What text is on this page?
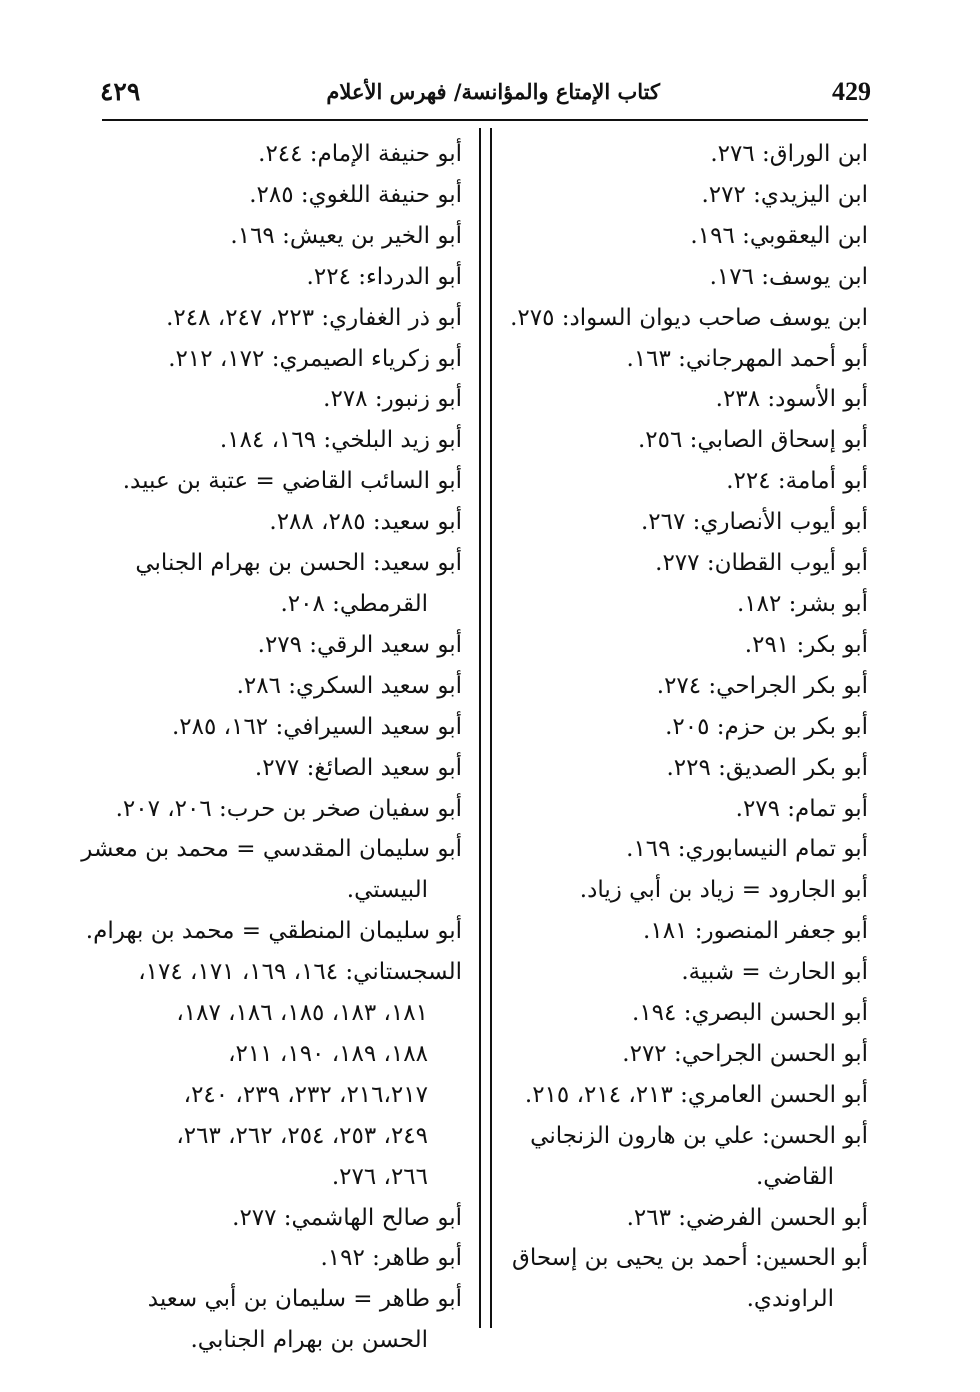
429
كتاب الإمتاع والمؤانسة/ فهرس الأعلام
٤٢٩
ابن الوراق: ٢٧٦.
ابن اليزيدي: ٢٧٢.
ابن اليعقوبي: ١٩٦.
ابن يوسف: ١٧٦.
ابن يوسف صاحب ديوان السواد: ٢٧٥.
أبو أحمد المهرجاني: ١٦٣.
أبو الأسود: ٢٣٨.
أبو إسحاق الصابي: ٢٥٦.
أبو أمامة: ٢٢٤.
أبو أيوب الأنصاري: ٢٦٧.
أبو أيوب القطان: ٢٧٧.
أبو بشر: ١٨٢.
أبو بكر: ٢٩١.
أبو بكر الجراحي: ٢٧٤.
أبو بكر بن حزم: ٢٠٥.
أبو بكر الصديق: ٢٢٩.
أبو تمام: ٢٧٩.
أبو تمام النيسابوري: ١٦٩.
أبو الجارود = زياد بن أبي زياد.
أبو جعفر المنصور: ١٨١.
أبو الحارث = شبية.
أبو الحسن البصري: ١٩٤.
أبو الحسن الجراحي: ٢٧٢.
أبو الحسن العامري: ٢١٣، ٢١٤، ٢١٥.
أبو الحسن: علي بن هارون الزنجاني
القاضي.
أبو الحسن الفرضي: ٢٦٣.
أبو الحسين: أحمد بن يحيى بن إسحاق
الراوندي.
أبو حنيفة الإمام: ٢٤٤.
أبو حنيفة اللغوي: ٢٨٥.
أبو الخير بن يعيش: ١٦٩.
أبو الدرداء: ٢٢٤.
أبو ذر الغفاري: ٢٢٣، ٢٤٧، ٢٤٨.
أبو زكرياء الصيمري: ١٧٢، ٢١٢.
أبو زنبور: ٢٧٨.
أبو زيد البلخي: ١٦٩، ١٨٤.
أبو السائب القاضي = عتبة بن عبيد.
أبو سعيد: ٢٨٥، ٢٨٨.
أبو سعيد: الحسن بن بهرام الجنابي
القرمطي: ٢٠٨.
أبو سعيد الرقي: ٢٧٩.
أبو سعيد السكري: ٢٨٦.
أبو سعيد السيرافي: ١٦٢، ٢٨٥.
أبو سعيد الصائغ: ٢٧٧.
أبو سفيان صخر بن حرب: ٢٠٦، ٢٠٧.
أبو سليمان المقدسي = محمد بن معشر
البيستي.
أبو سليمان المنطقي = محمد بن بهرام.
السجستاني: ١٦٤، ١٦٩، ١٧١، ١٧٤،
١٨١، ١٨٣، ١٨٥، ١٨٦، ١٨٧،
١٨٨، ١٨٩، ١٩٠، ٢١١،
٢١٦،٢١٧، ٢٣٢، ٢٣٩، ٢٤٠،
٢٤٩، ٢٥٣، ٢٥٤، ٢٦٢، ٢٦٣،
٢٦٦، ٢٧٦.
أبو صالح الهاشمي: ٢٧٧.
أبو طاهر: ١٩٢.
أبو طاهر = سليمان بن أبي سعيد
الحسن بن بهرام الجنابي.
